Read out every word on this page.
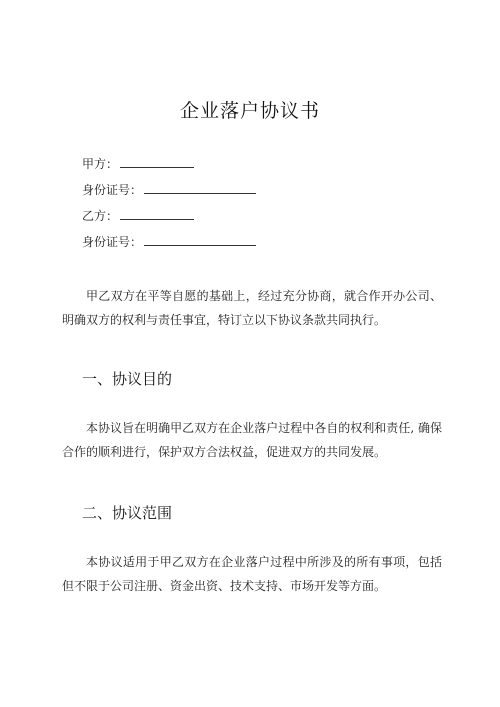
企业落户协议书
甲方：
身份证号：
乙方：
身份证号：
甲乙双方在平等自愿的基础上，经过充分协商，就合作开办公司、明确双方的权利与责任事宜，特订立以下协议条款共同执行。
一、协议目的
本协议旨在明确甲乙双方在企业落户过程中各自的权利和责任, 确保合作的顺利进行，保护双方合法权益，促进双方的共同发展。
二、协议范围
本协议适用于甲乙双方在企业落户过程中所涉及的所有事项，包括但不限于公司注册、资金出资、技术支持、市场开发等方面。
